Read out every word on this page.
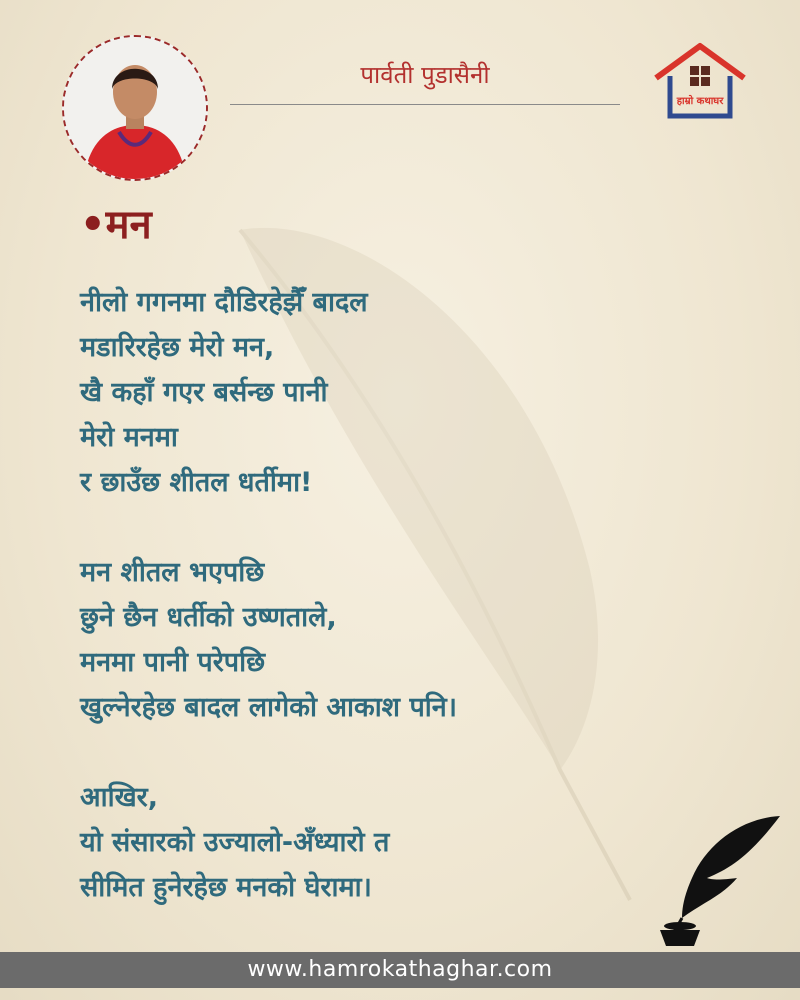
पार्वती पुडासैनी
हाम्रो कथाघर
•मन
नीलो गगनमा दौडिरहेझैँ बादल
मडारिरहेछ मेरो मन,
खै कहाँ गएर बर्सन्छ पानी
मेरो मनमा
र छाउँछ शीतल धर्तीमा!
मन शीतल भएपछि
छुने छैन धर्तीको उष्णताले,
मनमा पानी परेपछि
खुल्नेरहेछ बादल लागेको आकाश पनि।
आखिर,
यो संसारको उज्यालो-अँध्यारो त
सीमित हुनेरहेछ मनको घेरामा।
www.hamrokathaghar.com
